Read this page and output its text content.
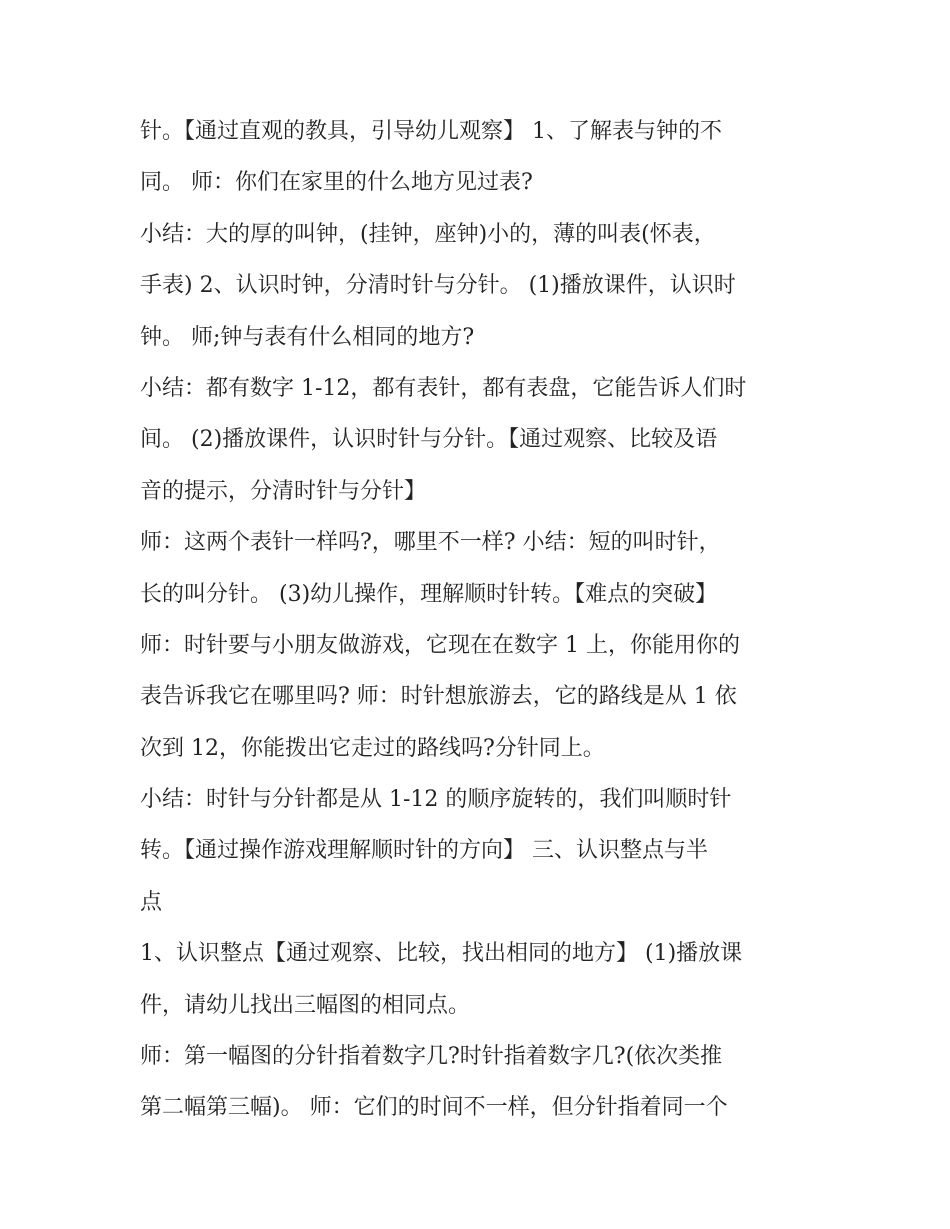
针。【通过直观的教具，引导幼儿观察】 1、了解表与钟的不
同。 师：你们在家里的什么地方见过表?
小结：大的厚的叫钟，(挂钟，座钟)小的，薄的叫表(怀表，
手表) 2、认识时钟，分清时针与分针。 (1)播放课件，认识时
钟。 师;钟与表有什么相同的地方?
小结：都有数字 1-12，都有表针，都有表盘，它能告诉人们时
间。 (2)播放课件，认识时针与分针。【通过观察、比较及语
音的提示，分清时针与分针】
师：这两个表针一样吗?，哪里不一样? 小结：短的叫时针，
长的叫分针。 (3)幼儿操作，理解顺时针转。【难点的突破】
师：时针要与小朋友做游戏，它现在在数字 1 上，你能用你的
表告诉我它在哪里吗? 师：时针想旅游去，它的路线是从 1 依
次到 12，你能拨出它走过的路线吗?分针同上。
小结：时针与分针都是从 1-12 的顺序旋转的，我们叫顺时针
转。【通过操作游戏理解顺时针的方向】 三、认识整点与半
点
1、认识整点【通过观察、比较，找出相同的地方】 (1)播放课
件，请幼儿找出三幅图的相同点。
师：第一幅图的分针指着数字几?时针指着数字几?(依次类推
第二幅第三幅)。 师：它们的时间不一样，但分针指着同一个
